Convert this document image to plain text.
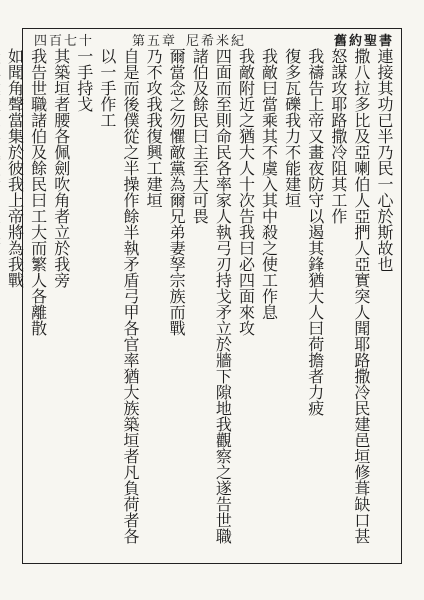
舊約聖書
尼希米紀
第五章
四百七十

連接其功已半乃民一心於斯故也

撒八拉多比及亞喇伯人亞捫人亞實突人聞耶路撒冷民建邑垣修葺缺口甚怒謀攻耶路撒冷阻其工作

我禱告上帝又畫夜防守以遏其鋒猶大人曰荷擔者力疲

復多瓦礫我力不能建垣

我敵曰當乘其不虞入其中殺之使工作息

我敵附近之猶大人十次告我曰必四面來攻

四面而至則命民各率家人執弓刃持戈矛立於牆下隙地我觀察之遂告世職諸伯及餘民曰主至大可畏

爾當念之勿懼敵黨為爾兄弟妻孥宗族而戰

乃不攻我我復興工建垣

自是而後僕從之半操作餘半執矛盾弓甲各官率猶大族築垣者凡負荷者各以一手作工

一手持戈

其築垣者腰各佩劍吹角者立於我旁

我告世職諸伯及餘民曰工大而繁人各離散

如聞角聲當集於彼我上帝將為我戰
